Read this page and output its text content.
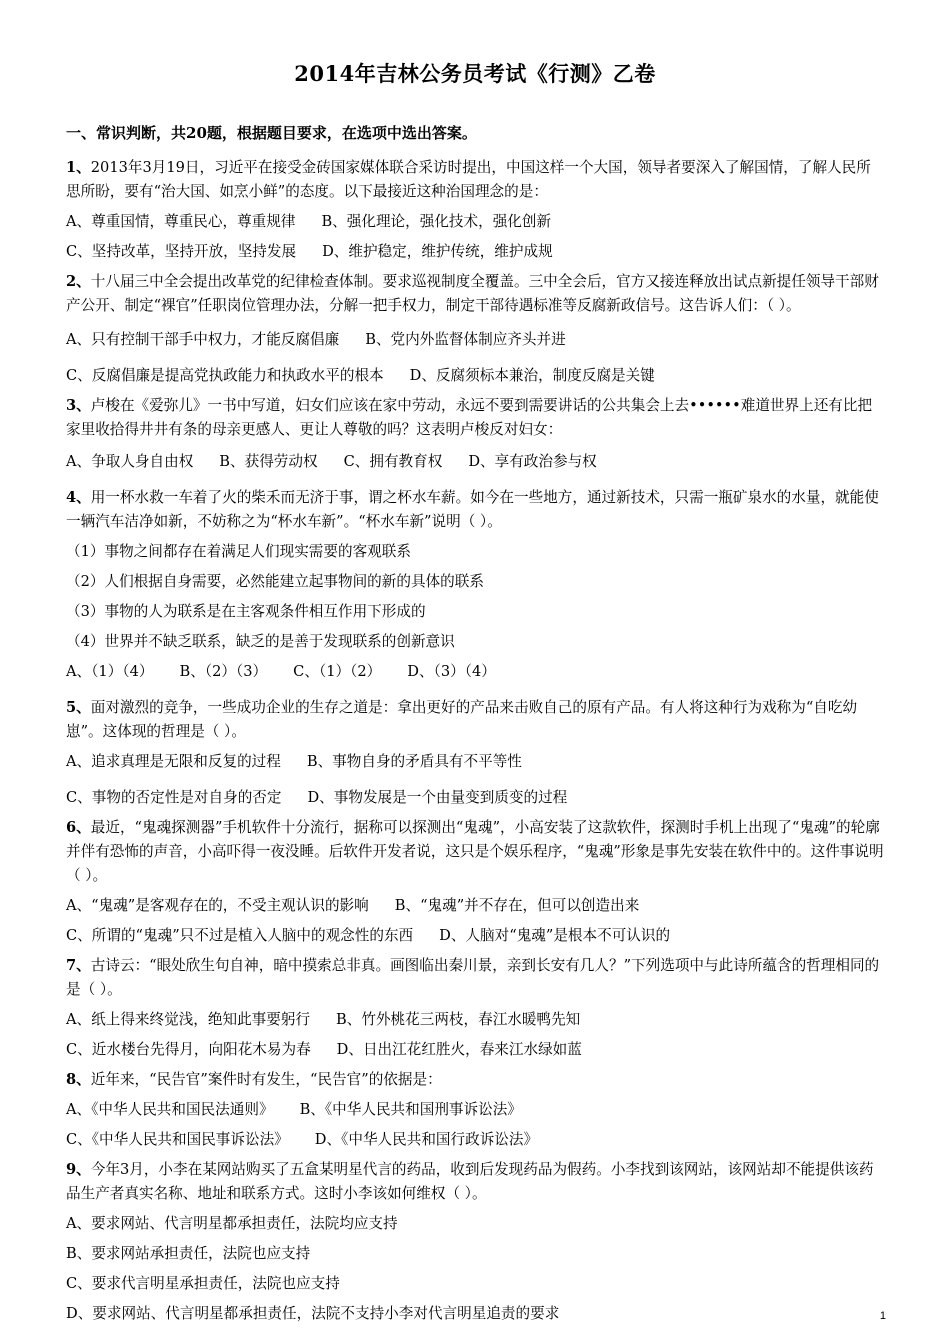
2014年吉林公务员考试《行测》乙卷
一、常识判断，共20题，根据题目要求，在选项中选出答案。

1、2013年3月19日，习近平在接受金砖国家媒体联合采访时提出，中国这样一个大国，领导者要深入了解国情，了解人民所思所盼，要有“治大国、如烹小鲜”的态度。以下最接近这种治国理念的是：

A、尊重国情，尊重民心，尊重规律 B、强化理论，强化技术，强化创新
C、坚持改革，坚持开放，坚持发展 D、维护稳定，维护传统，维护成规

2、十八届三中全会提出改革党的纪律检查体制。要求巡视制度全覆盖。三中全会后，官方又接连释放出试点新提任领导干部财产公开、制定“裸官”任职岗位管理办法，分解一把手权力，制定干部待遇标准等反腐新政信号。这告诉人们：（ ）。

A、只有控制干部手中权力，才能反腐倡廉 B、党内外监督体制应齐头并进
C、反腐倡廉是提高党执政能力和执政水平的根本 D、反腐须标本兼治，制度反腐是关键

3、卢梭在《爱弥儿》一书中写道，妇女们应该在家中劳动，永远不要到需要讲话的公共集会上去••••••难道世界上还有比把家里收拾得井井有条的母亲更感人、更让人尊敬的吗？这表明卢梭反对妇女：

A、争取人身自由权 B、获得劳动权 C、拥有教育权 D、享有政治参与权

4、用一杯水救一车着了火的柴禾而无济于事，谓之杯水车薪。如今在一些地方，通过新技术，只需一瓶矿泉水的水量，就能使一辆汽车洁净如新，不妨称之为“杯水车新”。“杯水车新”说明（ ）。

（1）事物之间都存在着满足人们现实需要的客观联系
（2）人们根据自身需要，必然能建立起事物间的新的具体的联系
（3）事物的人为联系是在主客观条件相互作用下形成的
（4）世界并不缺乏联系，缺乏的是善于发现联系的创新意识
A、（1）（4） B、（2）（3） C、（1）（2） D、（3）（4）

5、面对激烈的竞争，一些成功企业的生存之道是：拿出更好的产品来击败自己的原有产品。有人将这种行为戏称为“自吃幼崽”。这体现的哲理是（ ）。

A、追求真理是无限和反复的过程 B、事物自身的矛盾具有不平等性
C、事物的否定性是对自身的否定 D、事物发展是一个由量变到质变的过程

6、最近，“鬼魂探测器”手机软件十分流行，据称可以探测出“鬼魂”，小高安装了这款软件，探测时手机上出现了“鬼魂”的轮廓并伴有恐怖的声音，小高吓得一夜没睡。后软件开发者说，这只是个娱乐程序，“鬼魂”形象是事先安装在软件中的。这件事说明（ ）。

A、“鬼魂”是客观存在的，不受主观认识的影响 B、“鬼魂”并不存在，但可以创造出来
C、所谓的“鬼魂”只不过是植入人脑中的观念性的东西 D、人脑对“鬼魂”是根本不可认识的

7、古诗云：“眼处欣生句自神，暗中摸索总非真。画图临出秦川景，亲到长安有几人？”下列选项中与此诗所蕴含的哲理相同的是（ ）。

A、纸上得来终觉浅，绝知此事要躬行 B、竹外桃花三两枝，春江水暖鸭先知
C、近水楼台先得月，向阳花木易为春 D、日出江花红胜火，春来江水绿如蓝

8、近年来，“民告官”案件时有发生，“民告官”的依据是：

A、《中华人民共和国民法通则》 B、《中华人民共和国刑事诉讼法》
C、《中华人民共和国民事诉讼法》 D、《中华人民共和国行政诉讼法》

9、今年3月，小李在某网站购买了五盒某明星代言的药品，收到后发现药品为假药。小李找到该网站，该网站却不能提供该药品生产者真实名称、地址和联系方式。这时小李该如何维权（ ）。

A、要求网站、代言明星都承担责任，法院均应支持
B、要求网站承担责任，法院也应支持
C、要求代言明星承担责任，法院也应支持
D、要求网站、代言明星都承担责任，法院不支持小李对代言明星追责的要求	1
